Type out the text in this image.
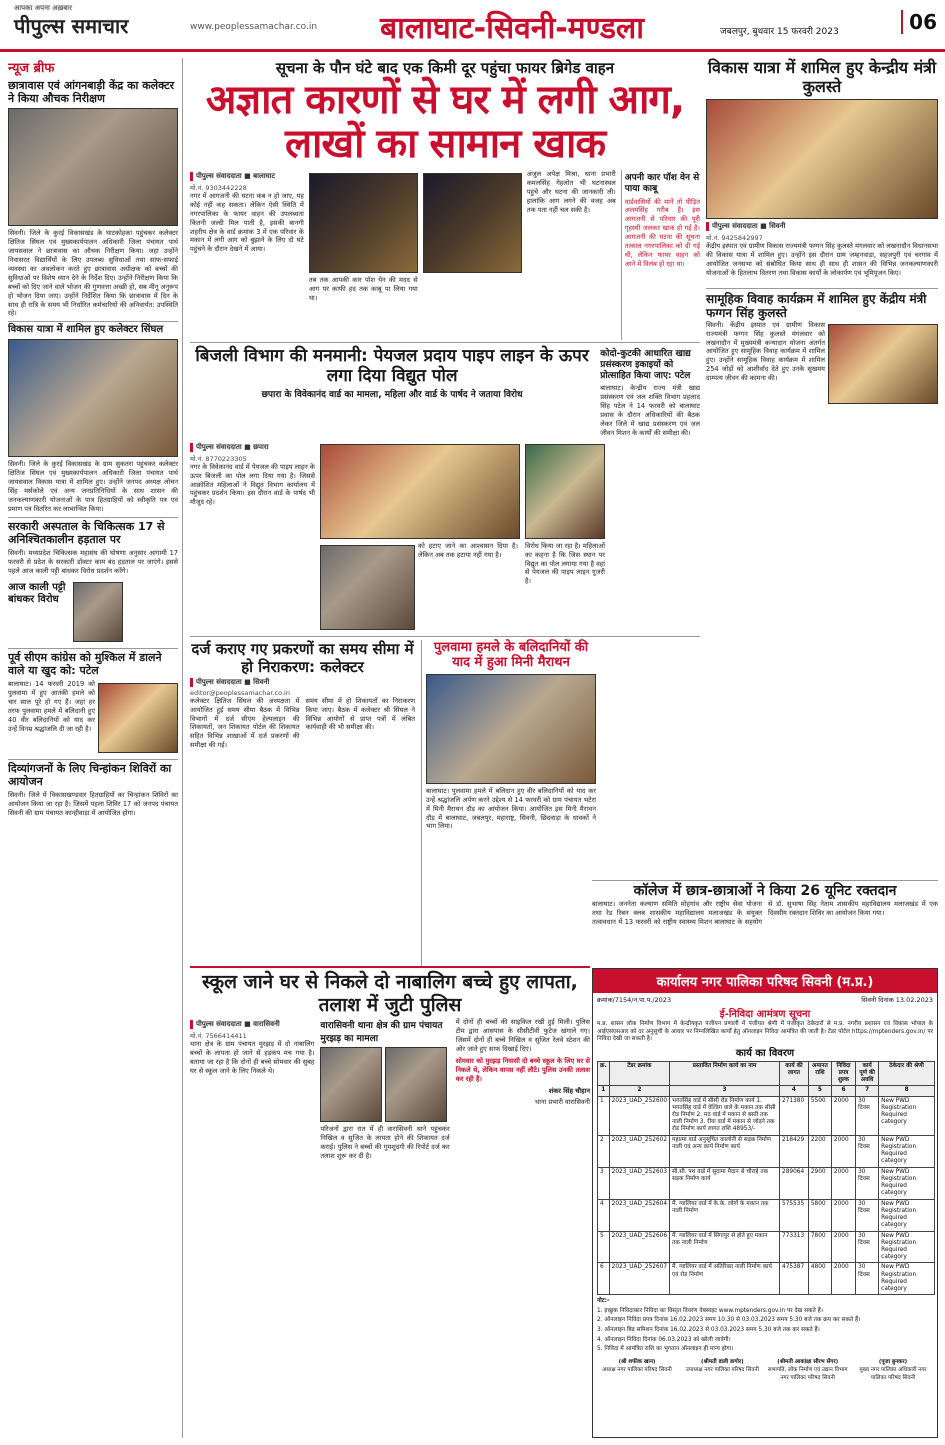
आपका अपना अख़बार
पीपुल्स समाचार	www.peoplessamachar.co.in बालाघाट-सिवनी-मण्डला	जबलपुर, बुधवार 15 फरवरी 2023	06
न्यूज ब्रीफ
छात्रावास एवं आंगनबाड़ी केंद्र का कलेक्टर ने किया औचक निरीक्षण
सिवनी। जिले के कुरई विकासखंड के घाटकोहका पहुंचकर कलेक्टर क्षितिज सिंघल एवं मुख्यकार्यपालन अधिकारी जिला पंचायत पार्थ जायसवाल ने छात्रावास का औचक निरीक्षण किया। जहां उन्होंने निवासरत विद्यार्थियों के लिए उपलब्ध सुविधाओं तथा साफ-सफाई व्यवस्था का अवलोकन करते हुए छात्रावास अधीक्षक को बच्चों की सुविधाओं पर विशेष ध्यान देने के निर्देश दिए। उन्होंने निरीक्षण किया कि बच्चों को दिए जाने वाले भोजन की गुणवत्ता अच्छी हो, सब मीनू अनुरूप हो भोजन दिया जाए। उन्होंने निर्देशित किया कि छात्रावास में दिन के साथ ही रात्रि के समय भी निर्धारित कर्मचारियों की अनिवार्यत: उपस्थिति रहे।
विकास यात्रा में शामिल हुए कलेक्टर सिंघल
सिवनी। जिले के कुरई विकासखंड के ग्राम सुकतरा पहुंचकर कलेक्टर क्षितिज सिंघल एवं मुख्यकार्यपालन अधिकारी जिला पंचायत पार्थ जायसवाल विकास यात्रा में शामिल हुए। उन्होंने जनपद अध्यक्ष लोचन सिंह मर्सकोले एवं अन्य जनप्रतिनिधियों के साथ शासन की जनकल्याणकारी योजनाओं के पात्र हितग्राहियों को स्वीकृति पत्र एवं प्रमाण पत्र वितरित कर लाभान्वित किया।
सरकारी अस्पताल के चिकित्सक 17 से अनिश्चितकालीन हड़ताल पर
सिवनी। मध्यप्रदेश चिकित्सक महासंघ की घोषणा अनुसार आगामी 17 फरवरी से प्रदेश के सरकारी डॉक्टर काम बंद हड़ताल पर जाएंगे। इससे पहले आज काली पट्टी बांधकर विरोध प्रदर्शन करेंगे।
आज काली पट्टी बांधकर विरोध
पूर्व सीएम कांग्रेस को मुश्किल में डालने वाले या खुद को: पटेल
बालाघाट। 14 फरवरी 2019 को पुलवामा में हुए आतंकी हमले को चार साल पूरे हो गए हैं। जहां हर तरफ पुलवामा हमले में बलिदानी हुए 40 वीर बलिदानियों को याद कर उन्हें विनम्र श्रद्धांजलि दी जा रही है।
दिव्यांगजनों के लिए चिन्हांकन शिविरों का आयोजन
सिवनी। जिले में विकासखण्डवार हितग्राहियों का चिन्हांकन शिविरों का आयोजन किया जा रहा है। जिसमें पहला शिविर 17 को जनपद पंचायत सिवनी की ग्राम पंचायत कान्हीवाड़ा में आयोजित होगा।
सूचना के पौन घंटे बाद एक किमी दूर पहुंचा फायर ब्रिगेड वाहन
अज्ञात कारणों से घर में लगी आग, लाखों का सामान खाक
पीपुल्स संवाददाता ■ बालाघाट
मो.नं. 9303442228
नगर में आगजनी की घटना कब न हो जाए, यह कोई नहीं कह सकता। लेकिन ऐसी स्थिति में नगरपालिका के फायर वाहन की उपलब्धता कितनी जल्दी मिल पाती है, इसकी बानगी शहरीय क्षेत्र के वार्ड क्रमांक 3 में एक परिवार के मकान में लगी आग को बुझाने के लिए दो घंटे पहुंचने के दौरान देखने में आया।
तब तक आपकी कार पॉश येन की मदद से आग पर काफी हद तक काबू पा लिया गया था।
अंजुल अपेक्ष मिश्रा, थाना प्रभारी कमलसिंह गेहलोत भी घटनास्थल पहुंचे और घटना की जानकारी ली। हालांकि आग लगने की वजह अब तक पता नहीं चल सकी है।
अपनी कार पॉश वेन से पाया काबू
वार्डवासियों की मानें तो पीड़ित अलमसिंह गरीब हैं। इस आगजनी से परिवार की पूरी गृहस्थी जलकर खाक हो गई है। आगजनी की घटना की सूचना तत्काल नगरपालिका को दी गई थी, लेकिन फायर वाहन को आने में विलंब हो रहा था।
बिजली विभाग की मनमानी: पेयजल प्रदाय पाइप लाइन के ऊपर लगा दिया विद्युत पोल
छपारा के विवेकानंद वार्ड का मामला, महिला और वार्ड के पार्षद ने जताया विरोध
कोदो-कुटकी आधारित खाद्य प्रसंस्करण इकाइयों को प्रोत्साहित किया जाए: पटेल
बालाघाट। केन्द्रीय राज्य मंत्री खाद्य प्रसंस्करण एवं जल शक्ति विभाग प्रहलाद सिंह पटेल ने 14 फरवरी को बालाघाट प्रवास के दौरान अधिकारियों की बैठक लेकर जिले में खाद्य प्रसंस्करण एवं जल जीवन मिशन के कार्यों की समीक्षा की।
पीपुल्स संवाददाता ■ छपारा
मो.नं. 8770223305
नगर के विवेकानंद वार्ड में पेयजल की पाइप लाइन के ऊपर बिजली का पोल लगा दिया गया है। जिससे आक्रोशित महिलाओं ने विद्युत विभाग कार्यालय में पहुंचकर प्रदर्शन किया। इस दौरान वार्ड के पार्षद भी मौजूद रहे।
को हटाए जाने का आश्वासन दिया है। लेकिन अब तक हटाया नहीं गया है।
विरोध किया जा रहा है। महिलाओं का कहना है कि जिस स्थान पर विद्युत का पोल लगाया गया है वहां से पेयजल की पाइप लाइन गुजरी है।
दर्ज कराए गए प्रकरणों का समय सीमा में हो निराकरण: कलेक्टर
पीपुल्स संवाददाता ■ सिवनी
editor@peoplessamachar.co.in
कलेक्टर क्षितिज सिंघल की अध्यक्षता में आयोजित हुई समय सीमा बैठक में विभिन्न विभागों में दर्ज सीएम हेल्पलाइन की शिकायतों, जन शिकायत पोर्टल की शिकायत सहित विभिन्न शाखाओं में दर्ज प्रकरणों की समीक्षा की गई।
समय सीमा में हो शिकायतों का निराकरण किया जाए। बैठक में कलेक्टर श्री सिंघल ने विभिन्न आयोगों से प्राप्त पत्रों में लंबित कार्यवाही की भी समीक्षा की।
पुलवामा हमले के बलिदानियों की याद में हुआ मिनी मैराथन
बालाघाट। पुलवामा हमले में बलिदान हुए वीर बलिदानियों को याद कर उन्हें श्रद्धांजलि अर्पण करने उद्देश्य से 14 फरवरी को ग्राम पंचायत भटेरा में मिनी मैराथन दौड़ का आयोजन किया। आयोजित इस मिनी मैराथन दौड़ में बालाघाट, जबलपुर, महाराष्ट्र, सिवनी, छिंदवाड़ा के धावकों ने भाग लिया।
स्कूल जाने घर से निकले दो नाबालिग बच्चे हुए लापता, तलाश में जुटी पुलिस
पीपुल्स संवाददाता ■ वारासिवनी
मो.नं. 7566414411
थाना क्षेत्र के ग्राम पंचायत मुरझड़ में दो नाबालिग बच्चों के लापता हो जाने से हड़कंप मच गया है। बताया जा रहा है कि दोनों ही बच्चे सोमवार की सुबह घर से स्कूल जाने के लिए निकले थे।
वारासिवनी थाना क्षेत्र की ग्राम पंचायत मुरझड़ का मामला
परिजनों द्वारा रात में ही वारासिवनी थाने पहुंचकर निखिल व सुजित के लापता होने की शिकायत दर्ज कराई। पुलिस ने बच्चों की गुमशुदगी की रिपोर्ट दर्ज कर तलाश शुरू कर दी है।
में दोनों ही बच्चों की साइकिल रखी हुई मिली। पुलिस टीम द्वारा आसपास के सीसीटीवी फुटेज खंगाले गए। जिसमें दोनों ही बच्चे निखिल व सुजित रेलवे स्टेशन की ओर जाते हुए साफ दिखाई दिए।
सोमवार को मुरझड़ निवासी दो बच्चे स्कूल के लिए घर से निकले थे, लेकिन वापस नहीं लौटे। पुलिस उनकी तलाश कर रही है।
शंकर सिंह चौहान
थाना प्रभारी वारासिवनी
विकास यात्रा में शामिल हुए केन्द्रीय मंत्री कुलस्ते
पीपुल्स संवाददाता ■ सिवनी
मो.नं. 9425842997
केंद्रीय इस्पात एवं ग्रामीण विकास राज्यमंत्री फग्गन सिंह कुलस्ते मंगलवार को लखनादौन विधानसभा की विकास यात्रा में शामिल हुए। उन्होंने इस दौरान ग्राम जम्हनवाड़ा, सहजपुरी एवं चरगांव में आयोजित जनसभा को संबोधित किया साथ ही साथ ही शासन की विभिन्न जनकल्याणकारी योजनाओं के हितलाभ वितरण तथा विकास कार्यों के लोकार्पण एवं भूमिपूजन किए।
सामूहिक विवाह कार्यक्रम में शामिल हुए केंद्रीय मंत्री फग्गन सिंह कुलस्ते
सिवनी। केंद्रीय इस्पात एवं ग्रामीण विकास राज्यमंत्री फग्गन सिंह कुलस्ते मंगलवार को लखनादौन में मुख्यमंत्री कन्यादान योजना अंतर्गत आयोजित हुए सामूहिक विवाह कार्यक्रम में शामिल हुए। उन्होंने सामूहिक विवाह कार्यक्रम में शामिल 254 जोड़ों को आशीर्वाद देते हुए उनके सुखमय दाम्पत्य जीवन की कामना की।
कॉलेज में छात्र-छात्राओं ने किया 26 यूनिट रक्तदान
बालाघाट। जननेता कल्याण समिति मोहगांव और राष्ट्रीय सेवा योजना तथा रेड रिबन क्लब शासकीय महाविद्यालय मलाजखंड के संयुक्त तत्वावधान में 13 फरवरी को राष्ट्रीय स्वास्थ्य मिशन बालाघाट के सहयोग से डॉ. सुभाषा सिंह नेताम शासकीय महाविद्यालय मलाजखंड में एक दिवसीय रक्तदान शिविर का आयोजन किया गया।
कार्यालय नगर पालिका परिषद सिवनी (म.प्र.)
क्रमांक/7154/न.पा.प./2023	सिवनी दिनांक 13.02.2023
ई-निविदा आमंत्रण सूचना
म.प्र. शासन लोक निर्माण विभाग में केन्द्रीयकृत पंजीयन प्रणाली में पंजीयत श्रेणी में पंजीकृत ठेकेदारों से म.प्र. नगरीय प्रशासन एवं विकास भोपाल के आईएसएसआर को दर अनुसूची के आधार पर निम्नलिखित कार्यों हेतु ऑनलाइन निविदा आमंत्रित की जाती है। टेंडर पोर्टल https://mptenders.gov.in/ पर निविदा देखी जा सकती है।
कार्य का विवरण
क्र.	टेंडर क्रमांक	प्रस्तावित निर्माण कार्य का नाम	कार्य की लागत	अमानत राशि	निविदा प्रपत्र शुल्क	कार्य पूर्ण की अवधि	ठेकेदार की श्रेणी
1	2	3	4	5	6	7	8
1	2023_UAD_252600	भगतसिंह वार्ड में सीसी रोड निर्माण कार्य 1. भगतसिंह वार्ड में वेल्डिंग वाले के मकान तक सीसी रोड निर्माण 2. मठ वार्ड में मकान से बस्ती तक नाली निर्माण 3. रीवा वार्ड में मकान से जोड़ने तक रोड निर्माण कार्य लागत राशि 48953/-	271380	5500	2000	30 दिवस	New PWD Registration Required category
2	2023_UAD_252602	महात्मा वार्ड अनुसूचित कालोनी से सड़क निर्माण नाली एवं अन्य कार्य निर्माण कार्य	218429	2200	2000	30 दिवस	New PWD Registration Required category
3	2023_UAD_252603	सी.सी. पथ वार्ड में सुदामा मैदान से चौराहे तक सड़क निर्माण कार्य	289064	2900	2000	30 दिवस	New PWD Registration Required category
4	2023_UAD_252604	मैं. ग्वालियर वार्ड में के.के. लोगों के मकान तक नाली निर्माण	575535	5800	2000	30 दिवस	New PWD Registration Required category
5	2023_UAD_252606	मैं. ग्वालियर वार्ड में सिंगापुर से होते हुए मकान तक नाली निर्माण	773313	7800	2000	30 दिवस	New PWD Registration Required category
6	2023_UAD_252607	मैं. ग्वालियर वार्ड में अतिरिक्त नाली निर्माण कार्य एवं रोड निर्माण	475387	4800	2000	30 दिवस	New PWD Registration Required category
नोट:-
1. इच्छुक निविदाकार निविदा का विस्तृत विवरण वेबसाइट www.mptenders.gov.in पर देख सकते हैं।
2. ऑनलाइन निविदा प्रपत्र दिनांक 16.02.2023 समय 10.30 से 03.03.2023 समय 5.30 बजे तक क्रय कर सकते हैं।
3. ऑनलाइन बिड समिशन दिनांक 16.02.2023 से 03.03.2023 समय 5.30 बजे तक कर सकते हैं।
4. ऑनलाइन निविदा दिनांक 06.03.2023 को खोली जावेगी।
5. निविदा में आमंत्रित राशि का भुगतान ऑनलाइन ही मान्य होगा।
(श्री शफीक खान)
अध्यक्ष नगर पालिका परिषद सिवनी
(श्रीमती डाली डागोर)
उपाध्यक्ष नगर पालिका परिषद सिवनी
(श्रीमती आकांक्षा सौरभ सेंगर)
सभापति, लोक निर्माण एवं उद्यान विभाग नगर पालिका परिषद सिवनी
(पूजा बुनकर)
मुख्य नगर पालिका अधिकारी नगर पालिका परिषद सिवनी
